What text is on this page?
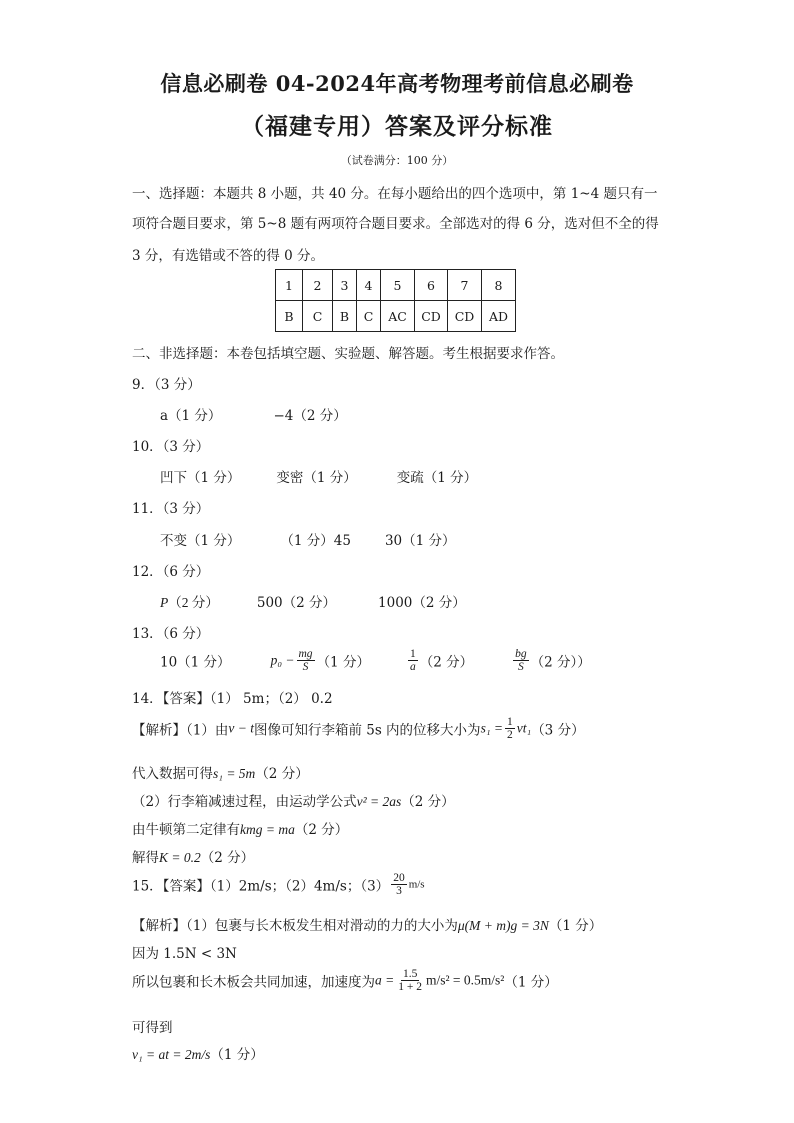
信息必刷卷 04-2024年高考物理考前信息必刷卷
（福建专用）答案及评分标准
（试卷满分：100 分）
一、选择题：本题共 8 小题，共 40 分。在每小题给出的四个选项中，第 1~4 题只有一
项符合题目要求，第 5~8 题有两项符合题目要求。全部选对的得 6 分，选对但不全的得
3 分，有选错或不答的得 0 分。
1	2	3	4	5	6	7	8
B	C	B	C	AC	CD	CD	AD
二、非选择题：本卷包括填空题、实验题、解答题。考生根据要求作答。
9．（3 分）
a（1 分）	−4（2 分）
10．（3 分）
凹下（1 分）	变密（1 分）	变疏（1 分）
11．（3 分）
不变（1 分）	（1 分）45	30（1 分）
12．（6 分）
P（2 分）	500（2 分）	1000（2 分）
13．（6 分）
10（1 分）	$p_0 - \frac{mg}{S} (1$ 分）	$\frac{1}{a} (2$ 分）	$\frac{bg}{S} (2$ 分））
14．【答案】（1） 5m；（2） 0.2
【解析】（1）由v − t图像可知行李箱前 5s 内的位移大小为$s_1 = \frac{1}{2} vt_1(3$ 分）
代入数据可得s₁ = 5m（2 分）
（2）行李箱减速过程，由运动学公式v² = 2as（2 分）
由牛顿第二定律有kmg = ma（2 分）
解得K = 0.2（2 分）
15．【答案】（1）2m/s；（2）4m/s；$(3) \frac{20}{3} m/s$
【解析】（1）包裹与长木板发生相对滑动的力的大小为μ(M + m)g = 3N（1 分）
因为 1.5N < 3N
所以包裹和长木板会共同加速，加速度为$a = \frac{1.5}{1 + 2} m/s^2 = 0.5m/s^2(1$ 分）
可得到
v₁ = at = 2m/s（1 分）
